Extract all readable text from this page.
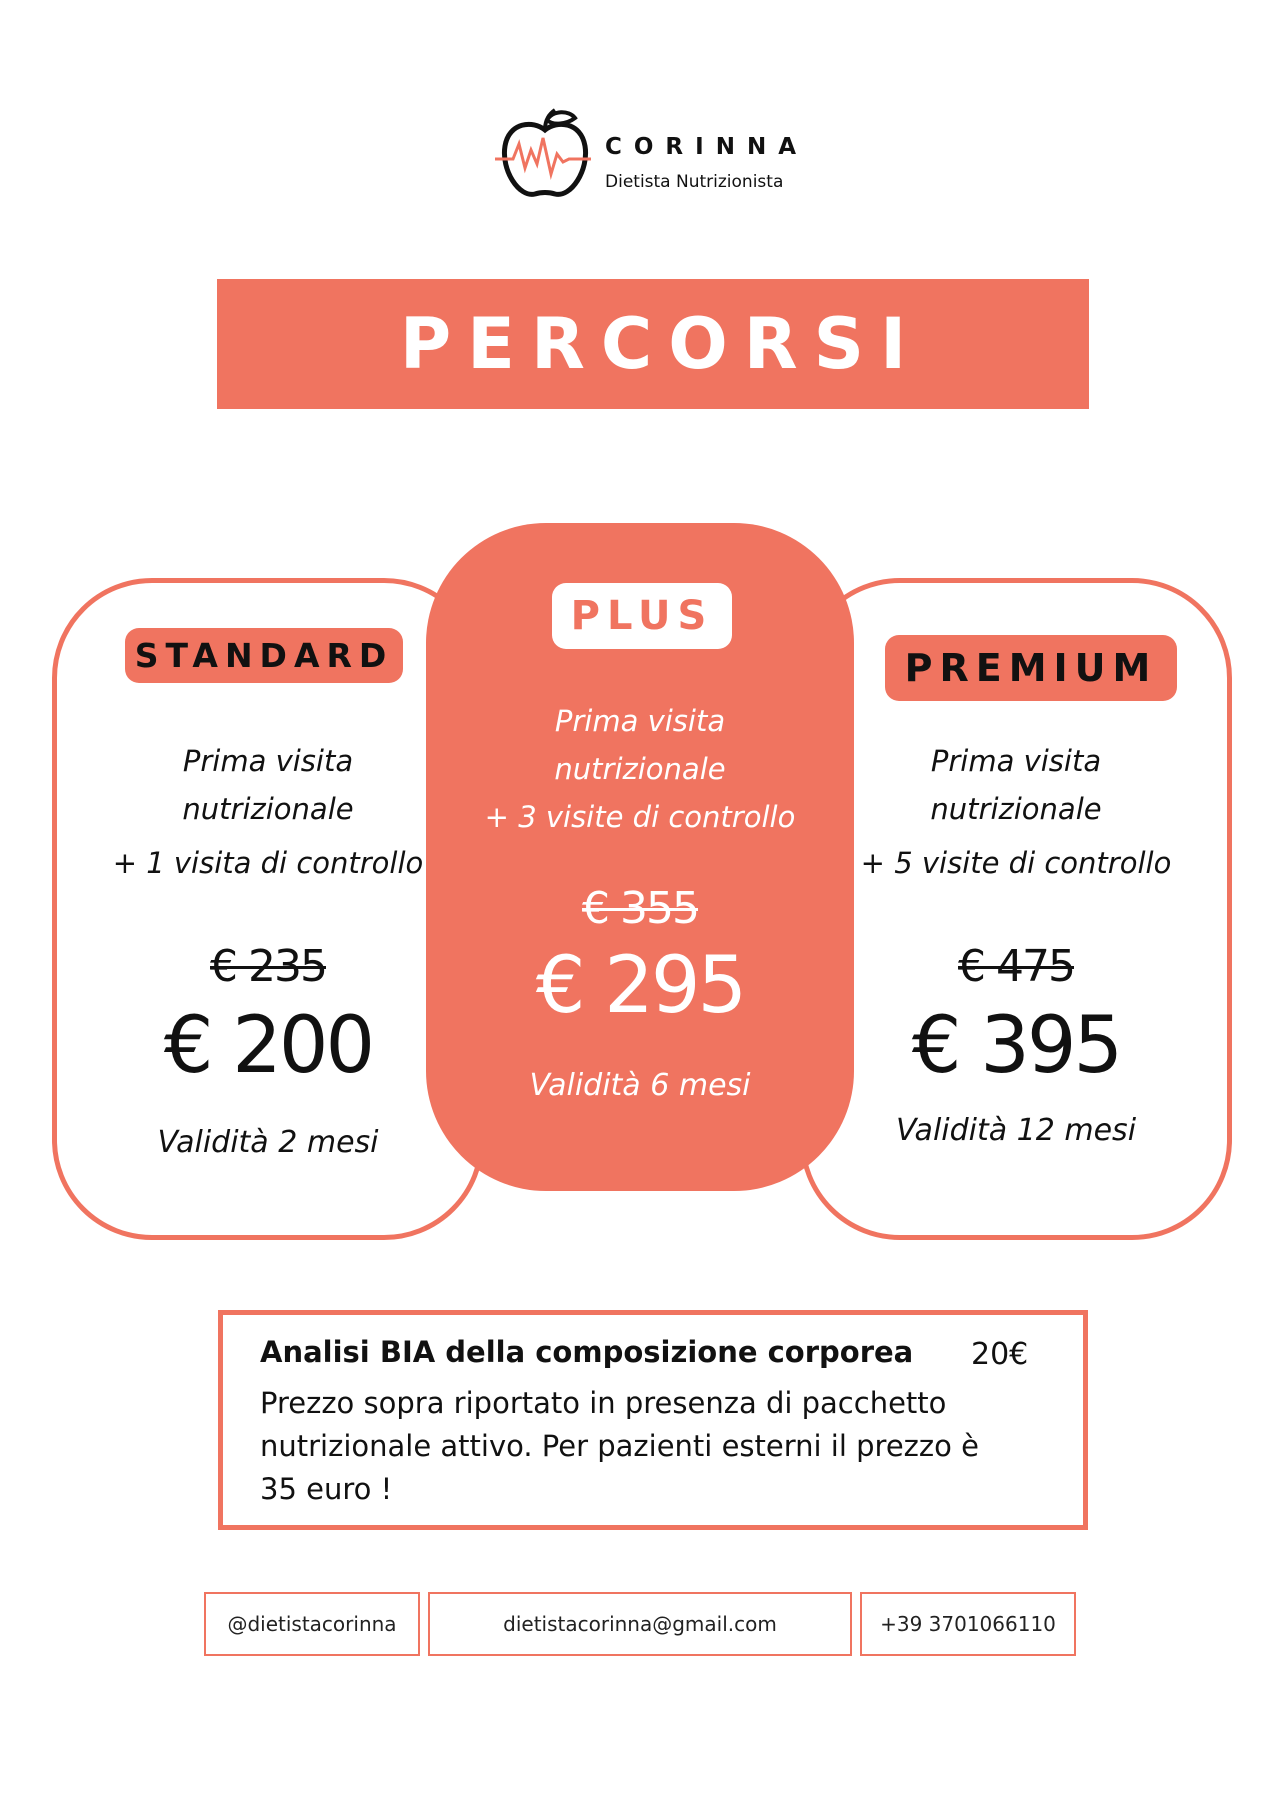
CORINNA
Dietista Nutrizionista
PERCORSI
STANDARD
Prima visita
nutrizionale
+ 1 visita di controllo
€ 235
€ 200
Validità 2 mesi
PREMIUM
Prima visita
nutrizionale
+ 5 visite di controllo
€ 475
€ 395
Validità 12 mesi
PLUS
Prima visita
nutrizionale
+ 3 visite di controllo
€ 355
€ 295
Validità 6 mesi
Analisi BIA della composizione corporea 20€
Prezzo sopra riportato in presenza di pacchetto
nutrizionale attivo. Per pazienti esterni il prezzo è
35 euro !
@dietistacorinna	dietistacorinna@gmail.com	+39 3701066110
